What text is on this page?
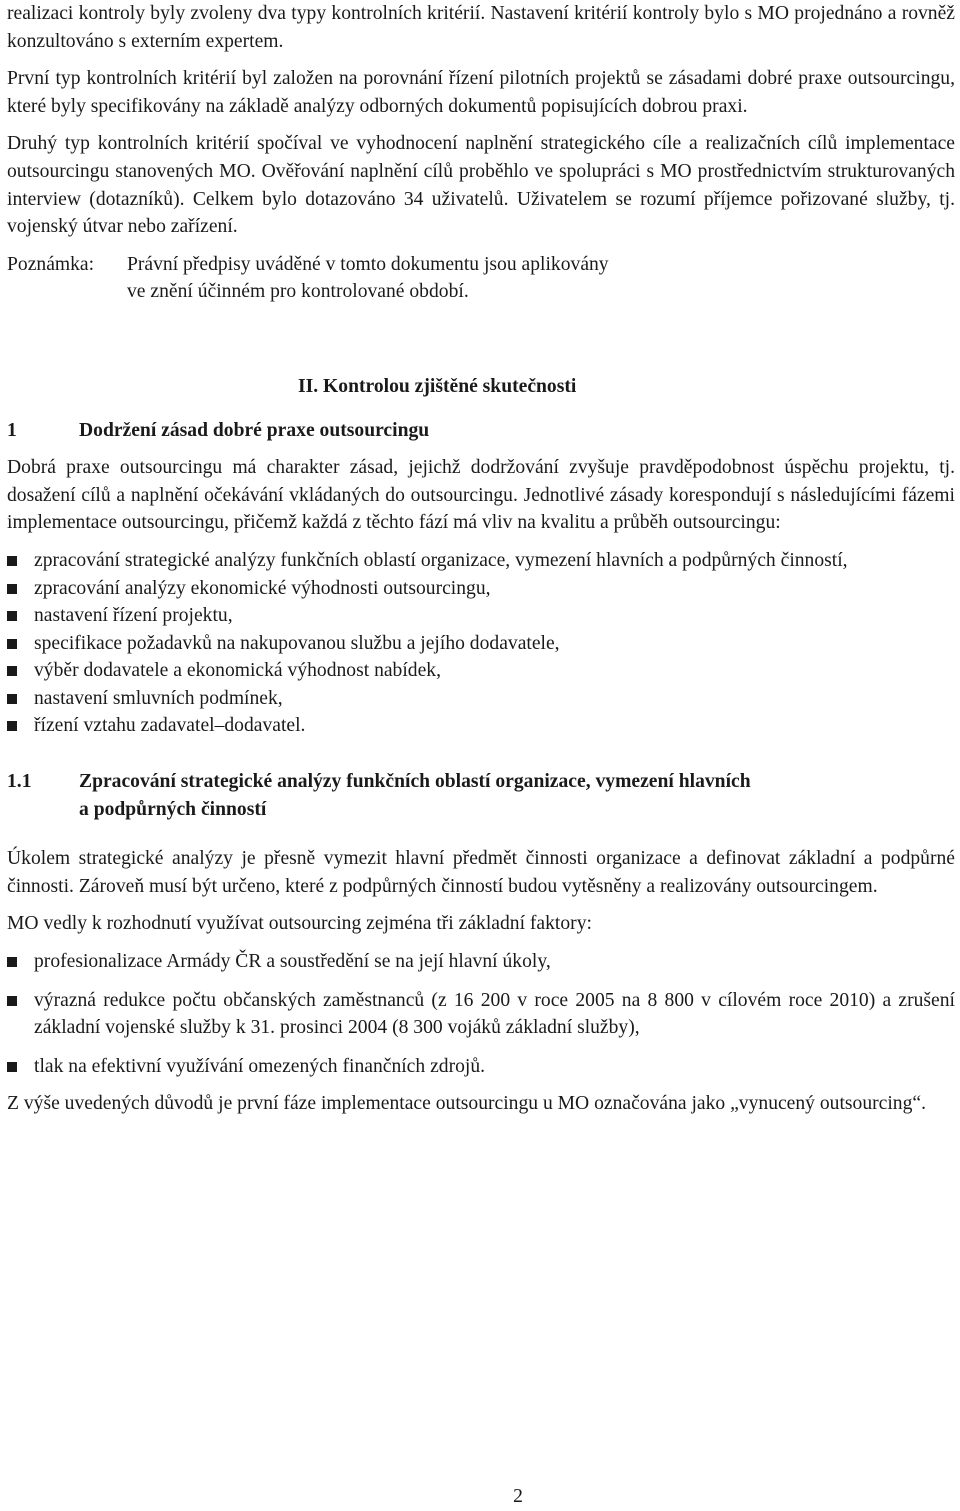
realizaci kontroly byly zvoleny dva typy kontrolních kritérií. Nastavení kritérií kontroly bylo s MO projednáno a rovněž konzultováno s externím expertem.

První typ kontrolních kritérií byl založen na porovnání řízení pilotních projektů se zásadami dobré praxe outsourcingu, které byly specifikovány na základě analýzy odborných dokumentů popisujících dobrou praxi.

Druhý typ kontrolních kritérií spočíval ve vyhodnocení naplnění strategického cíle a realizačních cílů implementace outsourcingu stanovených MO. Ověřování naplnění cílů proběhlo ve spolupráci s MO prostřednictvím strukturovaných interview (dotazníků). Celkem bylo dotazováno 34 uživatelů. Uživatelem se rozumí příjemce pořizované služby, tj. vojenský útvar nebo zařízení.

Poznámka:	Právní předpisy uváděné v tomto dokumentu jsou aplikovány
ve znění účinném pro kontrolované období.
II. Kontrolou zjištěné skutečnosti
1	Dodržení zásad dobré praxe outsourcingu

Dobrá praxe outsourcingu má charakter zásad, jejichž dodržování zvyšuje pravděpodobnost úspěchu projektu, tj. dosažení cílů a naplnění očekávání vkládaných do outsourcingu. Jednotlivé zásady korespondují s následujícími fázemi implementace outsourcingu, přičemž každá z těchto fází má vliv na kvalitu a průběh outsourcingu:

zpracování strategické analýzy funkčních oblastí organizace, vymezení hlavních a podpůrných činností,
zpracování analýzy ekonomické výhodnosti outsourcingu,
nastavení řízení projektu,
specifikace požadavků na nakupovanou službu a jejího dodavatele,
výběr dodavatele a ekonomická výhodnost nabídek,
nastavení smluvních podmínek,
řízení vztahu zadavatel–dodavatel.
1.1	Zpracování strategické analýzy funkčních oblastí organizace, vymezení hlavních
a podpůrných činností

Úkolem strategické analýzy je přesně vymezit hlavní předmět činnosti organizace a definovat základní a podpůrné činnosti. Zároveň musí být určeno, které z podpůrných činností budou vytěsněny a realizovány outsourcingem.

MO vedly k rozhodnutí využívat outsourcing zejména tři základní faktory:

profesionalizace Armády ČR a soustředění se na její hlavní úkoly,
výrazná redukce počtu občanských zaměstnanců (z 16 200 v roce 2005 na 8 800 v cílovém roce 2010) a zrušení základní vojenské služby k 31. prosinci 2004 (8 300 vojáků základní služby),
tlak na efektivní využívání omezených finančních zdrojů.

Z výše uvedených důvodů je první fáze implementace outsourcingu u MO označována jako „vynucený outsourcing“.

2
